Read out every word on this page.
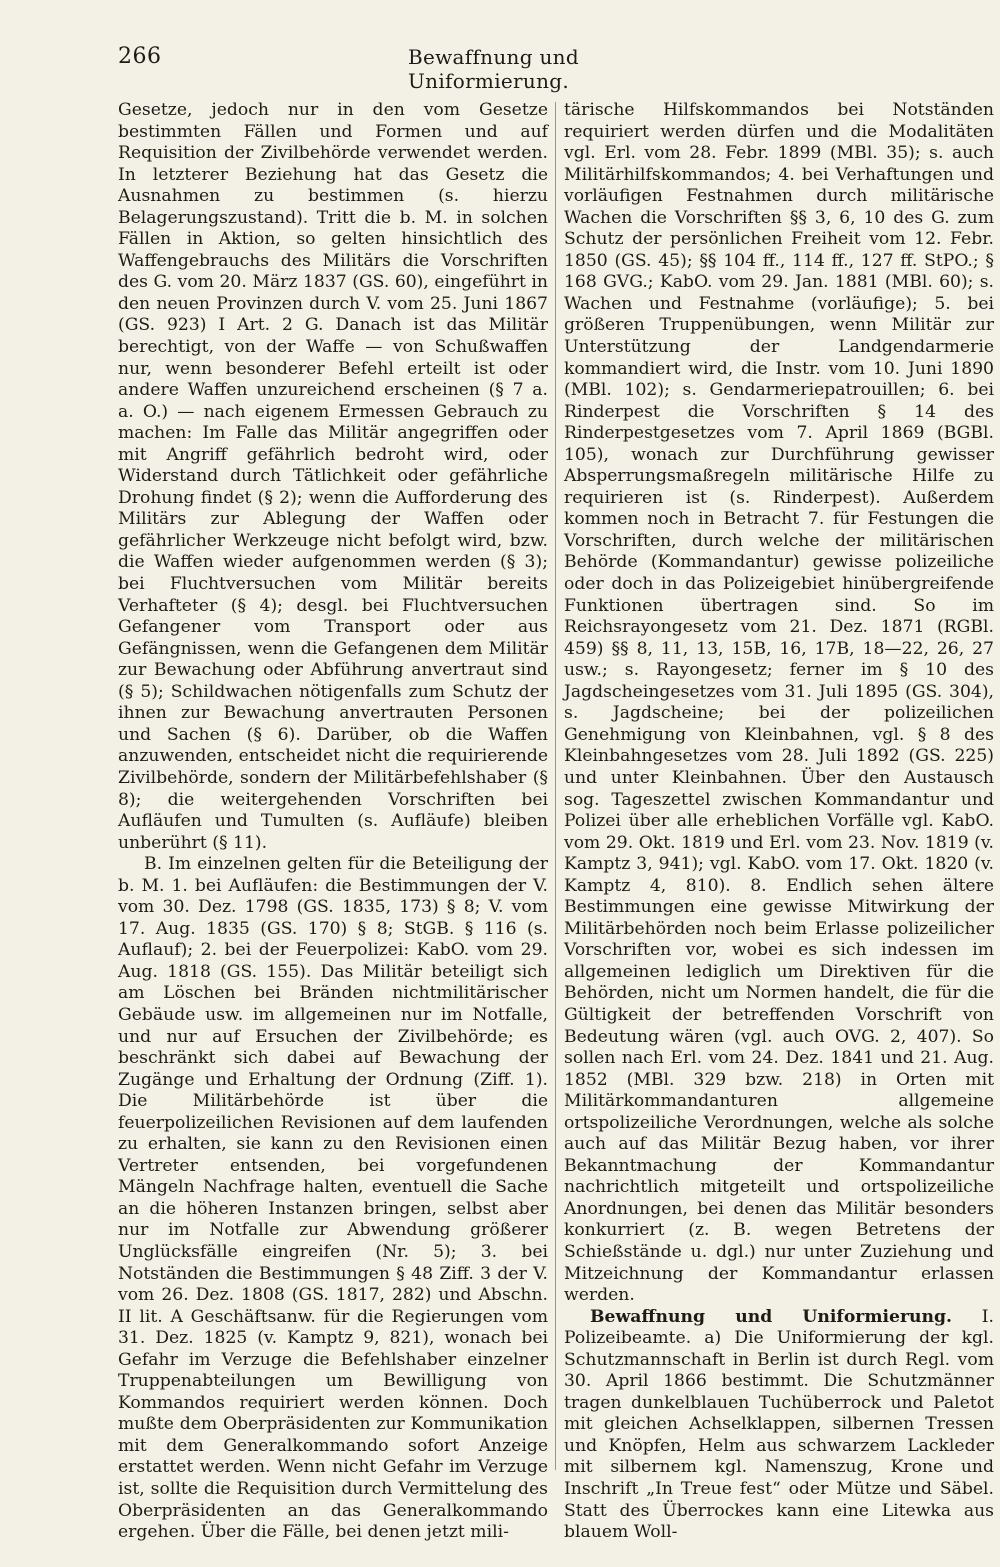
266	Bewaffnung und Uniformierung.

Gesetze, jedoch nur in den vom Gesetze bestimmten Fällen und Formen und auf Requisition der Zivilbehörde verwendet werden. In letzterer Beziehung hat das Gesetz die Ausnahmen zu bestimmen (s. hierzu Belagerungszustand). Tritt die b. M. in solchen Fällen in Aktion, so gelten hinsichtlich des Waffengebrauchs des Militärs die Vorschriften des G. vom 20. März 1837 (GS. 60), eingeführt in den neuen Provinzen durch V. vom 25. Juni 1867 (GS. 923) I Art. 2 G. Danach ist das Militär berechtigt, von der Waffe — von Schußwaffen nur, wenn besonderer Befehl erteilt ist oder andere Waffen unzureichend erscheinen (§ 7 a. a. O.) — nach eigenem Ermessen Gebrauch zu machen: Im Falle das Militär angegriffen oder mit Angriff gefährlich bedroht wird, oder Widerstand durch Tätlichkeit oder gefährliche Drohung findet (§ 2); wenn die Aufforderung des Militärs zur Ablegung der Waffen oder gefährlicher Werkzeuge nicht befolgt wird, bzw. die Waffen wieder aufgenommen werden (§ 3); bei Fluchtversuchen vom Militär bereits Verhafteter (§ 4); desgl. bei Fluchtversuchen Gefangener vom Transport oder aus Gefängnissen, wenn die Gefangenen dem Militär zur Bewachung oder Abführung anvertraut sind (§ 5); Schildwachen nötigenfalls zum Schutz der ihnen zur Bewachung anvertrauten Personen und Sachen (§ 6). Darüber, ob die Waffen anzuwenden, entscheidet nicht die requirierende Zivilbehörde, sondern der Militärbefehlshaber (§ 8); die weitergehenden Vorschriften bei Aufläufen und Tumulten (s. Aufläufe) bleiben unberührt (§ 11).

B. Im einzelnen gelten für die Beteiligung der b. M. 1. bei Aufläufen: die Bestimmungen der V. vom 30. Dez. 1798 (GS. 1835, 173) § 8; V. vom 17. Aug. 1835 (GS. 170) § 8; StGB. § 116 (s. Auflauf); 2. bei der Feuerpolizei: KabO. vom 29. Aug. 1818 (GS. 155). Das Militär beteiligt sich am Löschen bei Bränden nichtmilitärischer Gebäude usw. im allgemeinen nur im Notfalle, und nur auf Ersuchen der Zivilbehörde; es beschränkt sich dabei auf Bewachung der Zugänge und Erhaltung der Ordnung (Ziff. 1). Die Militärbehörde ist über die feuerpolizeilichen Revisionen auf dem laufenden zu erhalten, sie kann zu den Revisionen einen Vertreter entsenden, bei vorgefundenen Mängeln Nachfrage halten, eventuell die Sache an die höheren Instanzen bringen, selbst aber nur im Notfalle zur Abwendung größerer Unglücksfälle eingreifen (Nr. 5); 3. bei Notständen die Bestimmungen § 48 Ziff. 3 der V. vom 26. Dez. 1808 (GS. 1817, 282) und Abschn. II lit. A Geschäftsanw. für die Regierungen vom 31. Dez. 1825 (v. Kamptz 9, 821), wonach bei Gefahr im Verzuge die Befehlshaber einzelner Truppenabteilungen um Bewilligung von Kommandos requiriert werden können. Doch mußte dem Oberpräsidenten zur Kommunikation mit dem Generalkommando sofort Anzeige erstattet werden. Wenn nicht Gefahr im Verzuge ist, sollte die Requisition durch Vermittelung des Oberpräsidenten an das Generalkommando ergehen. Über die Fälle, bei denen jetzt mili-

tärische Hilfskommandos bei Notständen requiriert werden dürfen und die Modalitäten vgl. Erl. vom 28. Febr. 1899 (MBl. 35); s. auch Militärhilfskommandos; 4. bei Verhaftungen und vorläufigen Festnahmen durch militärische Wachen die Vorschriften §§ 3, 6, 10 des G. zum Schutz der persönlichen Freiheit vom 12. Febr. 1850 (GS. 45); §§ 104 ff., 114 ff., 127 ff. StPO.; § 168 GVG.; KabO. vom 29. Jan. 1881 (MBl. 60); s. Wachen und Festnahme (vorläufige); 5. bei größeren Truppenübungen, wenn Militär zur Unterstützung der Landgendarmerie kommandiert wird, die Instr. vom 10. Juni 1890 (MBl. 102); s. Gendarmeriepatrouillen; 6. bei Rinderpest die Vorschriften § 14 des Rinderpestgesetzes vom 7. April 1869 (BGBl. 105), wonach zur Durchführung gewisser Absperrungsmaßregeln militärische Hilfe zu requirieren ist (s. Rinderpest). Außerdem kommen noch in Betracht 7. für Festungen die Vorschriften, durch welche der militärischen Behörde (Kommandantur) gewisse polizeiliche oder doch in das Polizeigebiet hinübergreifende Funktionen übertragen sind. So im Reichsrayongesetz vom 21. Dez. 1871 (RGBl. 459) §§ 8, 11, 13, 15B, 16, 17B, 18—22, 26, 27 usw.; s. Rayongesetz; ferner im § 10 des Jagdscheingesetzes vom 31. Juli 1895 (GS. 304), s. Jagdscheine; bei der polizeilichen Genehmigung von Kleinbahnen, vgl. § 8 des Kleinbahngesetzes vom 28. Juli 1892 (GS. 225) und unter Kleinbahnen. Über den Austausch sog. Tageszettel zwischen Kommandantur und Polizei über alle erheblichen Vorfälle vgl. KabO. vom 29. Okt. 1819 und Erl. vom 23. Nov. 1819 (v. Kamptz 3, 941); vgl. KabO. vom 17. Okt. 1820 (v. Kamptz 4, 810). 8. Endlich sehen ältere Bestimmungen eine gewisse Mitwirkung der Militärbehörden noch beim Erlasse polizeilicher Vorschriften vor, wobei es sich indessen im allgemeinen lediglich um Direktiven für die Behörden, nicht um Normen handelt, die für die Gültigkeit der betreffenden Vorschrift von Bedeutung wären (vgl. auch OVG. 2, 407). So sollen nach Erl. vom 24. Dez. 1841 und 21. Aug. 1852 (MBl. 329 bzw. 218) in Orten mit Militärkommandanturen allgemeine ortspolizeiliche Verordnungen, welche als solche auch auf das Militär Bezug haben, vor ihrer Bekanntmachung der Kommandantur nachrichtlich mitgeteilt und ortspolizeiliche Anordnungen, bei denen das Militär besonders konkurriert (z. B. wegen Betretens der Schießstände u. dgl.) nur unter Zuziehung und Mitzeichnung der Kommandantur erlassen werden.

Bewaffnung und Uniformierung. I. Polizeibeamte. a) Die Uniformierung der kgl. Schutzmannschaft in Berlin ist durch Regl. vom 30. April 1866 bestimmt. Die Schutzmänner tragen dunkelblauen Tuchüberrock und Paletot mit gleichen Achselklappen, silbernen Tressen und Knöpfen, Helm aus schwarzem Lackleder mit silbernem kgl. Namenszug, Krone und Inschrift „In Treue fest“ oder Mütze und Säbel. Statt des Überrockes kann eine Litewka aus blauem Woll-
